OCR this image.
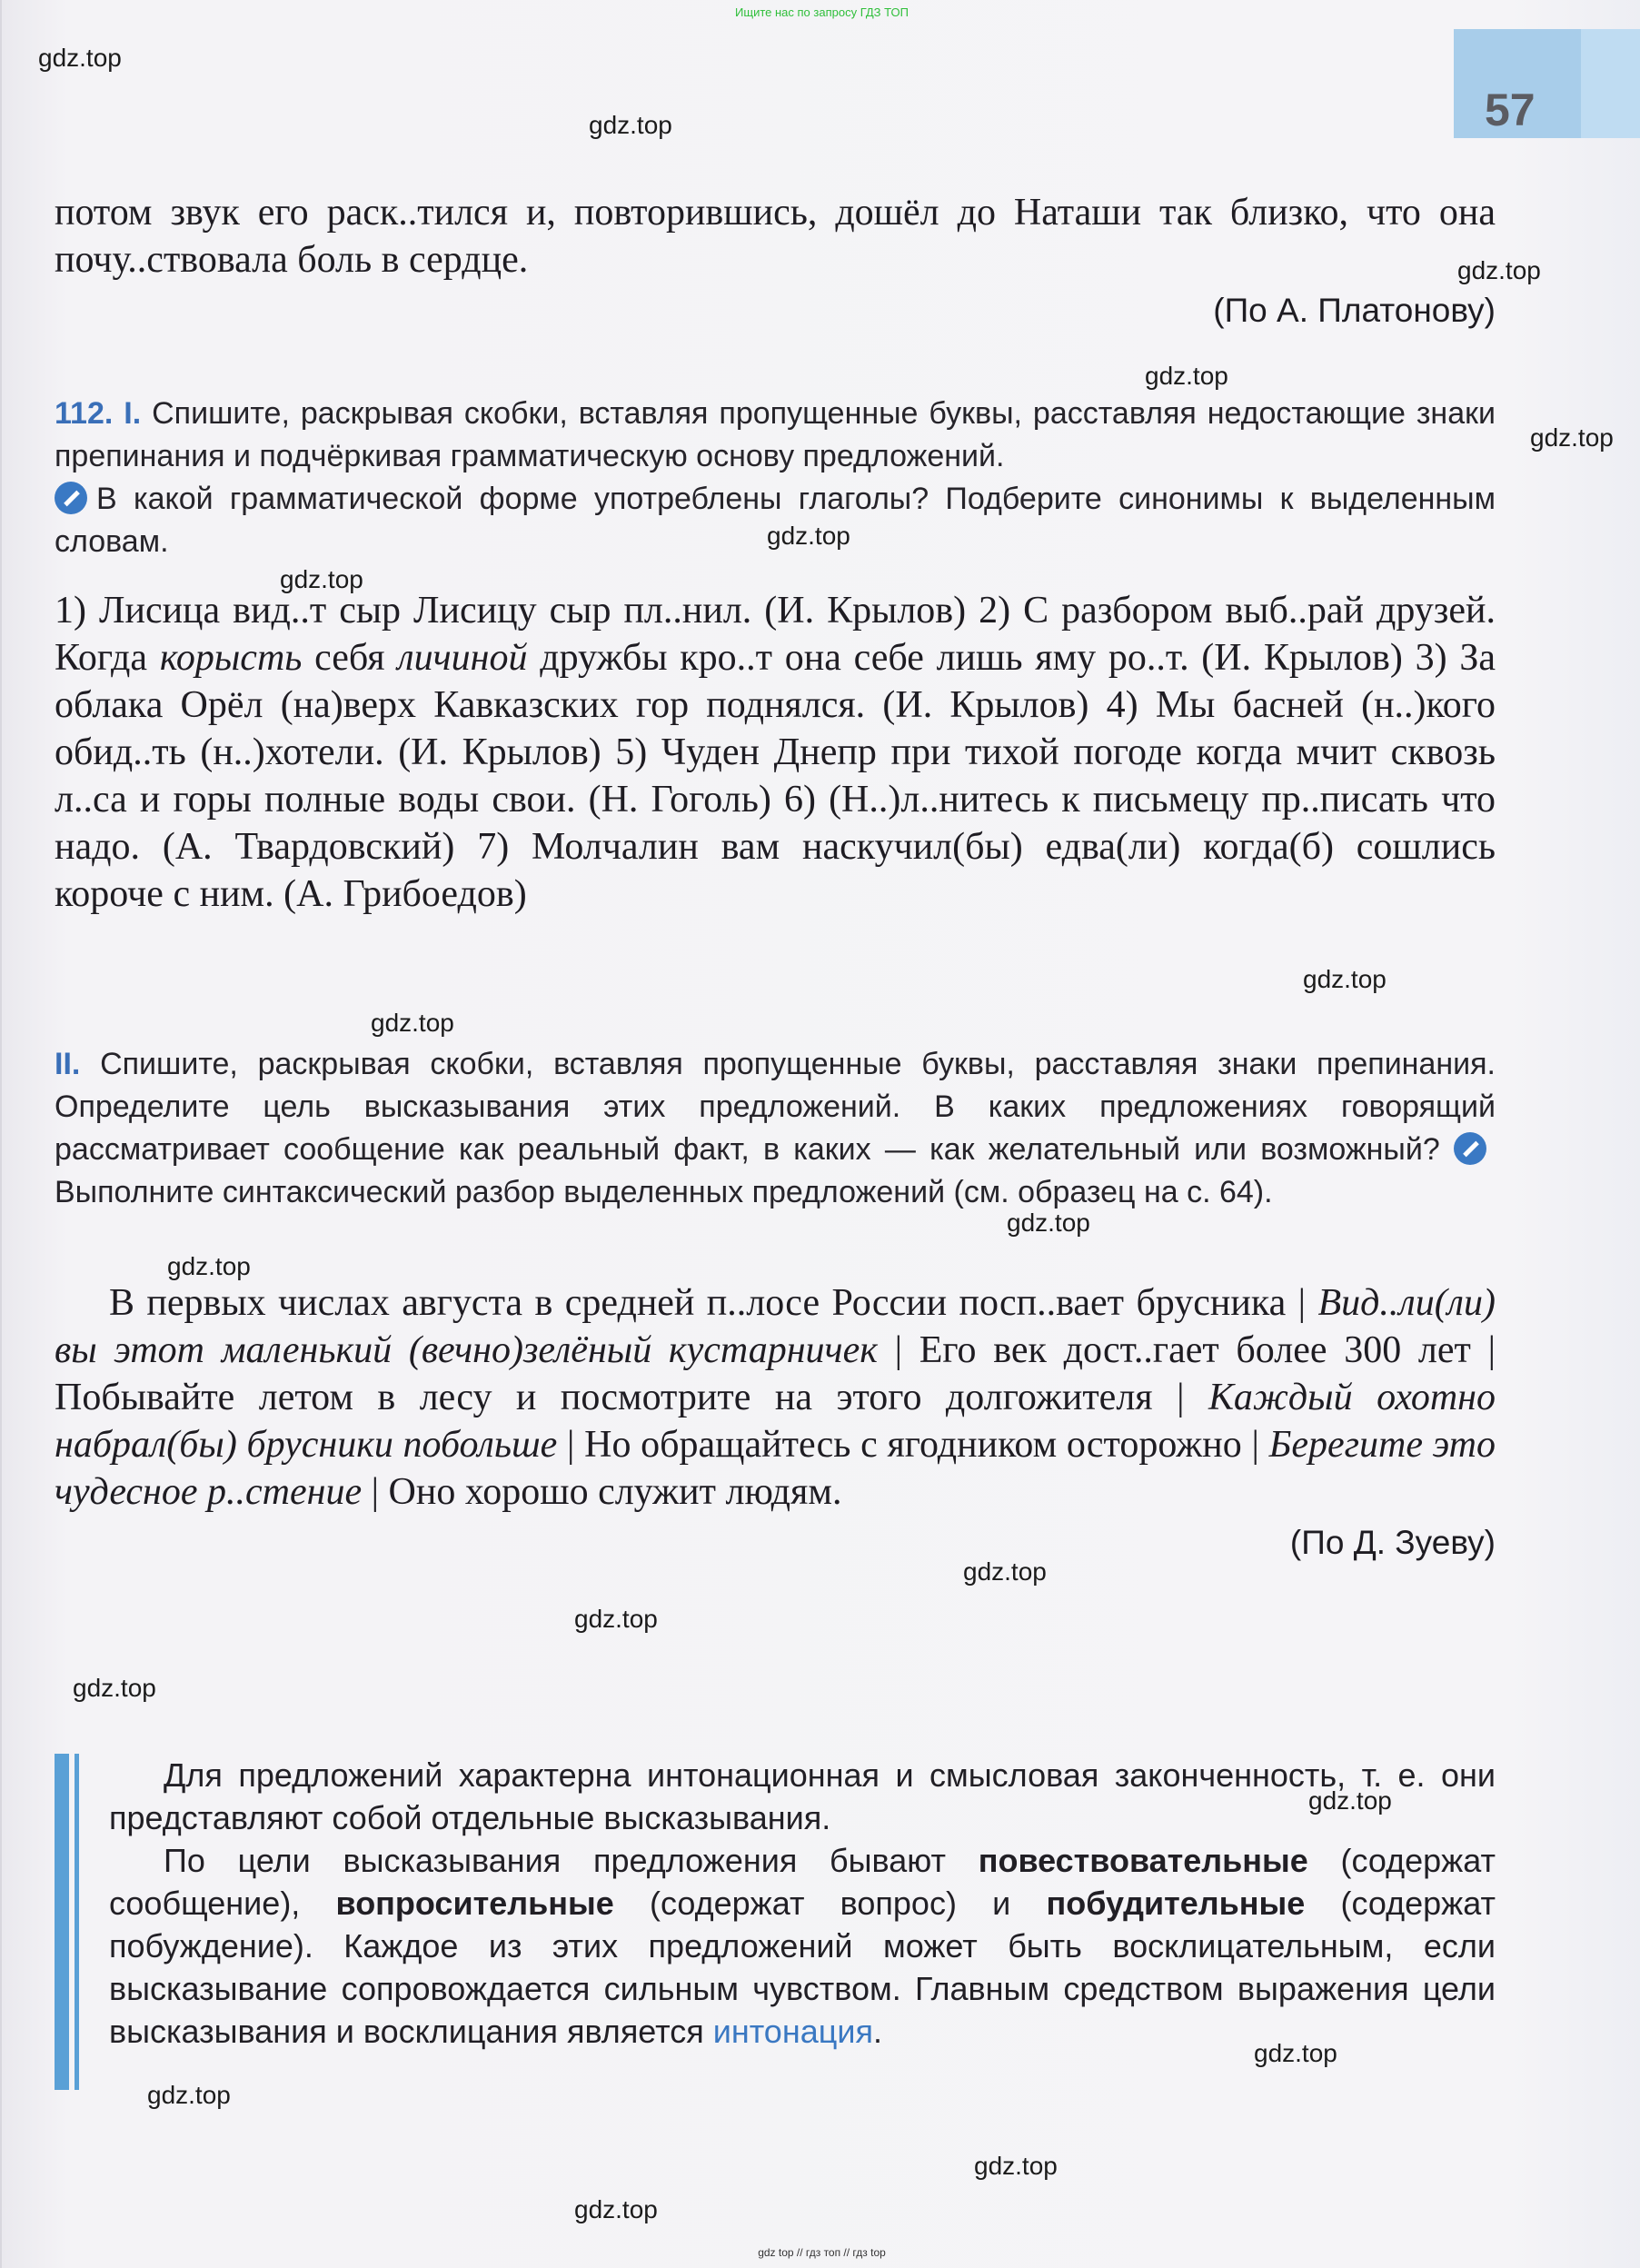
Ищите нас по запросу ГДЗ ТОП
57
gdz.top
gdz.top
gdz.top
gdz.top
gdz.top
gdz.top
gdz.top
gdz.top
gdz.top
gdz.top
gdz.top
gdz.top
gdz.top
gdz.top
gdz.top
gdz.top
gdz.top
gdz.top
gdz.top

потом звук его раск..тился и, повторившись, дошёл до Наташи так близко, что она почу..ствовала боль в сердце.

(По А. Платонову)

112. I. Спишите, раскрывая скобки, вставляя пропущенные буквы, расставляя недостающие знаки препинания и подчёркивая грамматическую основу предложений.

В какой грамматической форме употреблены глаголы? Подберите синонимы к выделенным словам.

1) Лисица вид..т сыр Лисицу сыр пл..нил. (И. Крылов) 2) С разбором выб..рай друзей. Когда корысть себя личиной дружбы кро..т она себе лишь яму ро..т. (И. Крылов) 3) За облака Орёл (на)верх Кавказских гор поднялся. (И. Крылов) 4) Мы басней (н..)кого обид..ть (н..)хотели. (И. Крылов) 5) Чуден Днепр при тихой погоде когда мчит сквозь л..са и горы полные воды свои. (Н. Гоголь) 6) (Н..)л..нитесь к письмецу пр..писать что надо. (А. Твардовский) 7) Молчалин вам наскучил(бы) едва(ли) когда(б) сошлись короче с ним. (А. Грибоедов)

II. Спишите, раскрывая скобки, вставляя пропущенные буквы, расставляя знаки препинания. Определите цель высказывания этих предложений. В каких предложениях говорящий рассматривает сообщение как реальный факт, в каких — как желательный или возможный? Выполните синтаксический разбор выделенных предложений (см. образец на с. 64).

В первых числах августа в средней п..лосе России посп..вает брусника | Вид..ли(ли) вы этот маленький (вечно)зелёный кустарничек | Его век дост..гает более 300 лет | Побывайте летом в лесу и посмотрите на этого долгожителя | Каждый охотно набрал(бы) брусники побольше | Но обращайтесь с ягодником осторожно | Берегите это чудесное р..стение | Оно хорошо служит людям.

(По Д. Зуеву)

Для предложений характерна интонационная и смысловая законченность, т. е. они представляют собой отдельные высказывания.

По цели высказывания предложения бывают повествовательные (содержат сообщение), вопросительные (содержат вопрос) и побудительные (содержат побуждение). Каждое из этих предложений может быть восклицательным, если высказывание сопровождается сильным чувством. Главным средством выражения цели высказывания и восклицания является интонация.

gdz top // гдз топ // гдз top
